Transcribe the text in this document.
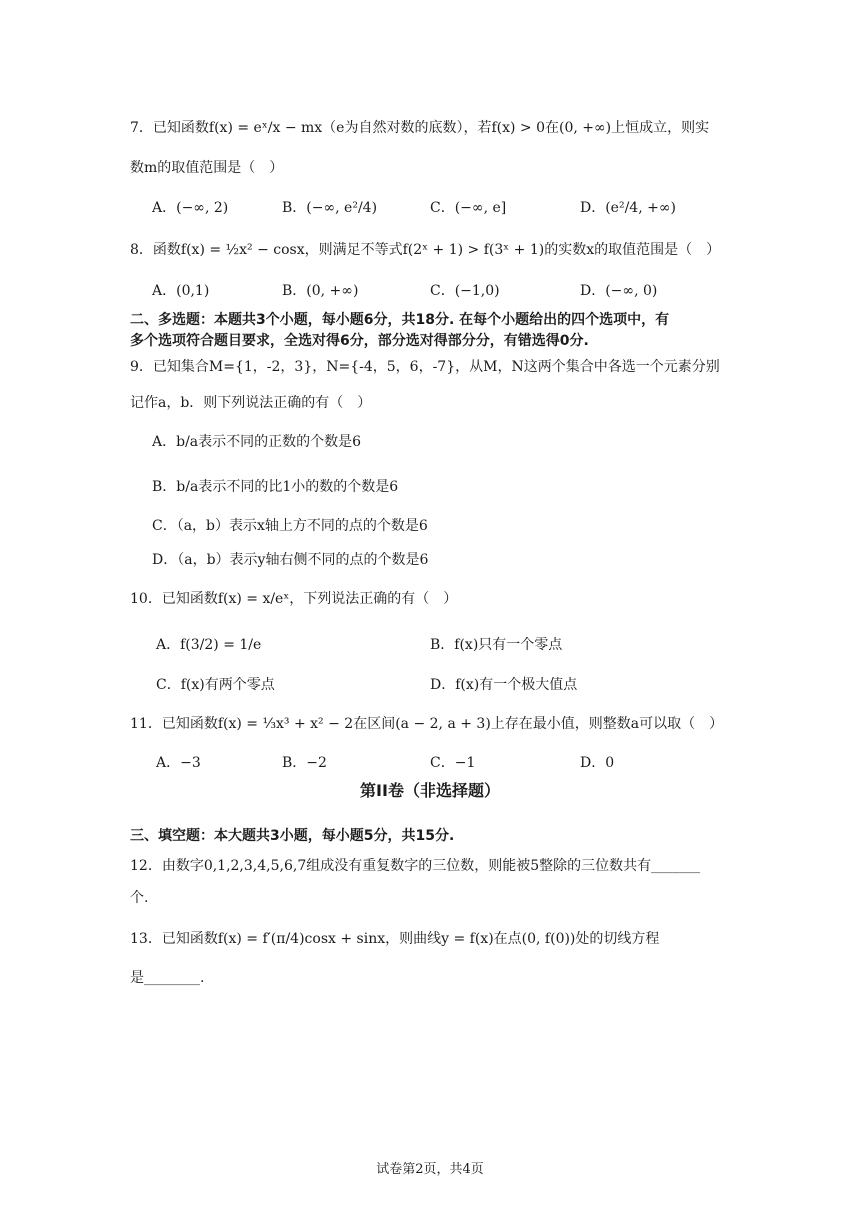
7．已知函数f(x) = eˣ/x − mx（e为自然对数的底数），若f(x) > 0在(0, +∞)上恒成立，则实
数m的取值范围是（　）
A．(−∞, 2)	B．(−∞, e²/4)	C．(−∞, e]	D．(e²/4, +∞)
8．函数f(x) = ½x² − cosx，则满足不等式f(2ˣ + 1) > f(3ˣ + 1)的实数x的取值范围是（　）
A．(0,1)	B．(0, +∞)	C．(−1,0)	D．(−∞, 0)
二、多选题：本题共3个小题，每小题6分，共18分. 在每个小题给出的四个选项中，有
多个选项符合题目要求，全选对得6分，部分选对得部分分，有错选得0分.
9．已知集合M={1，-2，3}，N={-4，5，6，-7}，从M，N这两个集合中各选一个元素分别
记作a，b．则下列说法正确的有（　）
A．b/a表示不同的正数的个数是6
B．b/a表示不同的比1小的数的个数是6
C．（a，b）表示x轴上方不同的点的个数是6
D．（a，b）表示y轴右侧不同的点的个数是6
10．已知函数f(x) = x/eˣ，下列说法正确的有（　）
A．f(3/2) = 1/e	B．f(x)只有一个零点
C．f(x)有两个零点	D．f(x)有一个极大值点
11．已知函数f(x) = ⅓x³ + x² − 2在区间(a − 2, a + 3)上存在最小值，则整数a可以取（　）
A．−3	B．−2	C．−1	D．0
第II卷（非选择题）
三、填空题：本大题共3小题，每小题5分，共15分.
12．由数字0,1,2,3,4,5,6,7组成没有重复数字的三位数，则能被5整除的三位数共有_______
个.
13．已知函数f(x) = f′(π/4)cosx + sinx，则曲线y = f(x)在点(0, f(0))处的切线方程
是________.
试卷第2页，共4页
